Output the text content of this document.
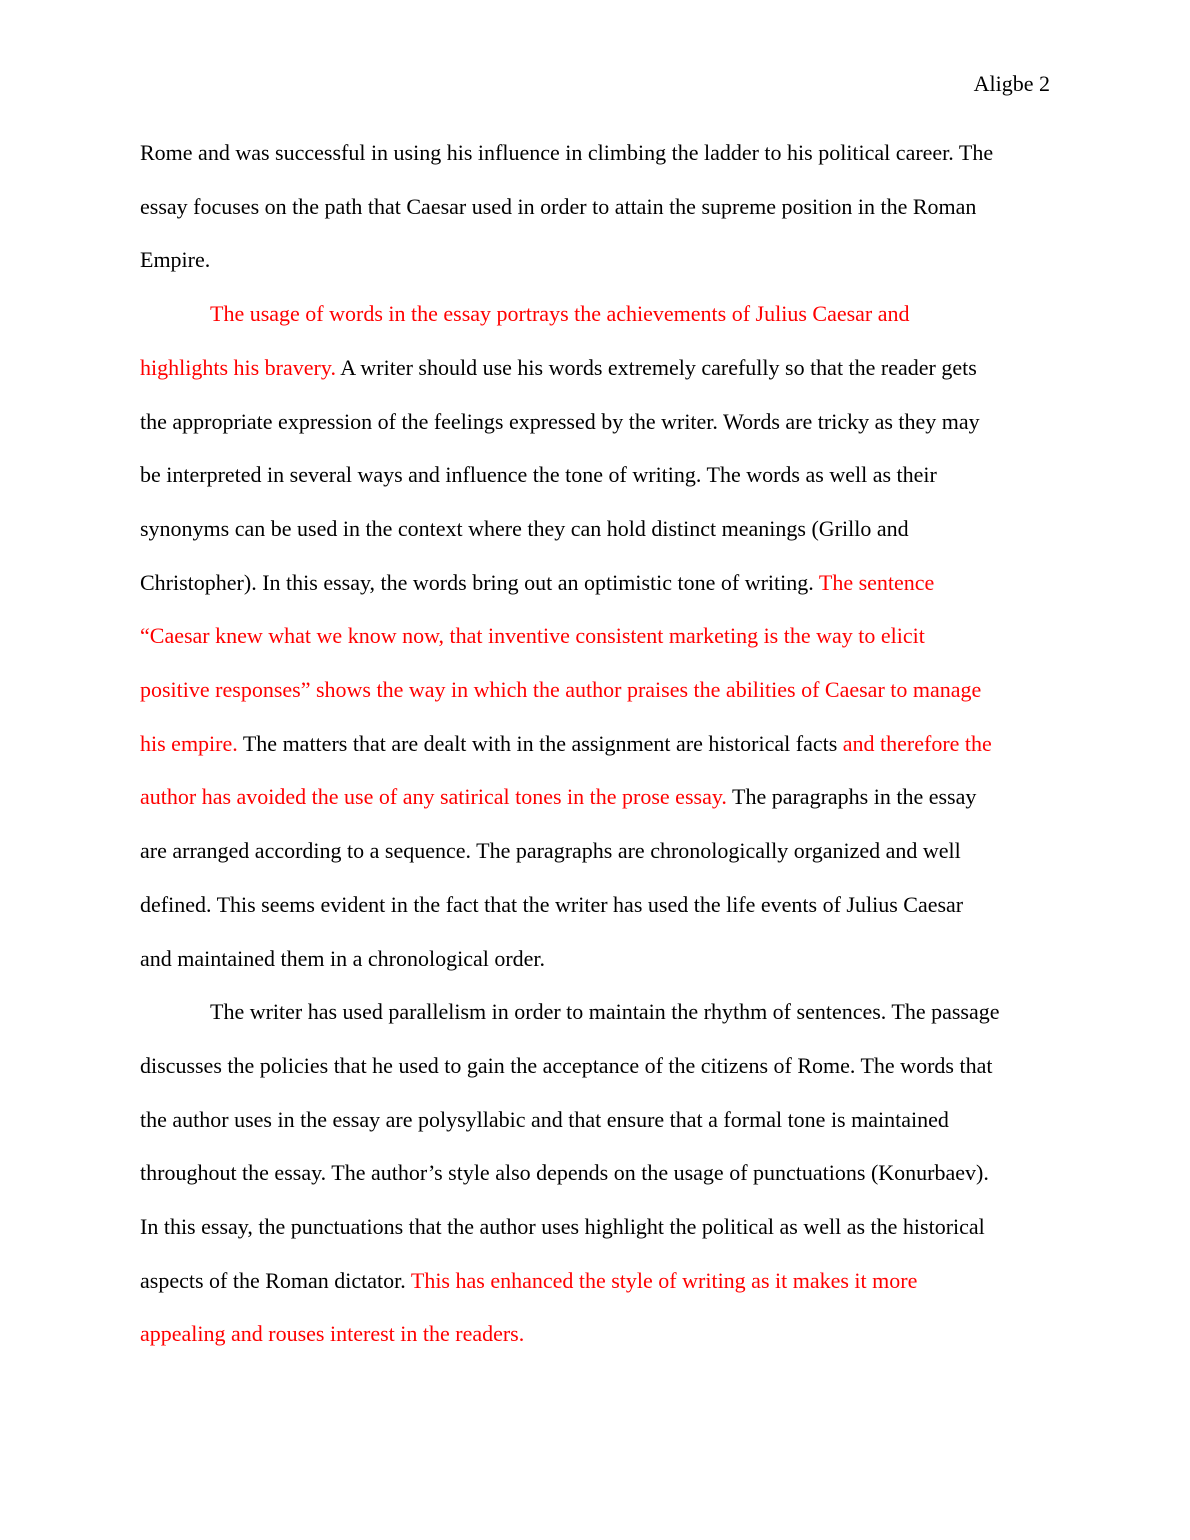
Aligbe 2
Rome and was successful in using his influence in climbing the ladder to his political career. The
essay focuses on the path that Caesar used in order to attain the supreme position in the Roman
Empire.
The usage of words in the essay portrays the achievements of Julius Caesar and
highlights his bravery. A writer should use his words extremely carefully so that the reader gets
the appropriate expression of the feelings expressed by the writer. Words are tricky as they may
be interpreted in several ways and influence the tone of writing. The words as well as their
synonyms can be used in the context where they can hold distinct meanings (Grillo and
Christopher). In this essay, the words bring out an optimistic tone of writing. The sentence
“Caesar knew what we know now, that inventive consistent marketing is the way to elicit
positive responses” shows the way in which the author praises the abilities of Caesar to manage
his empire. The matters that are dealt with in the assignment are historical facts and therefore the
author has avoided the use of any satirical tones in the prose essay. The paragraphs in the essay
are arranged according to a sequence. The paragraphs are chronologically organized and well
defined. This seems evident in the fact that the writer has used the life events of Julius Caesar
and maintained them in a chronological order.
The writer has used parallelism in order to maintain the rhythm of sentences. The passage
discusses the policies that he used to gain the acceptance of the citizens of Rome. The words that
the author uses in the essay are polysyllabic and that ensure that a formal tone is maintained
throughout the essay. The author’s style also depends on the usage of punctuations (Konurbaev).
In this essay, the punctuations that the author uses highlight the political as well as the historical
aspects of the Roman dictator. This has enhanced the style of writing as it makes it more
appealing and rouses interest in the readers.
